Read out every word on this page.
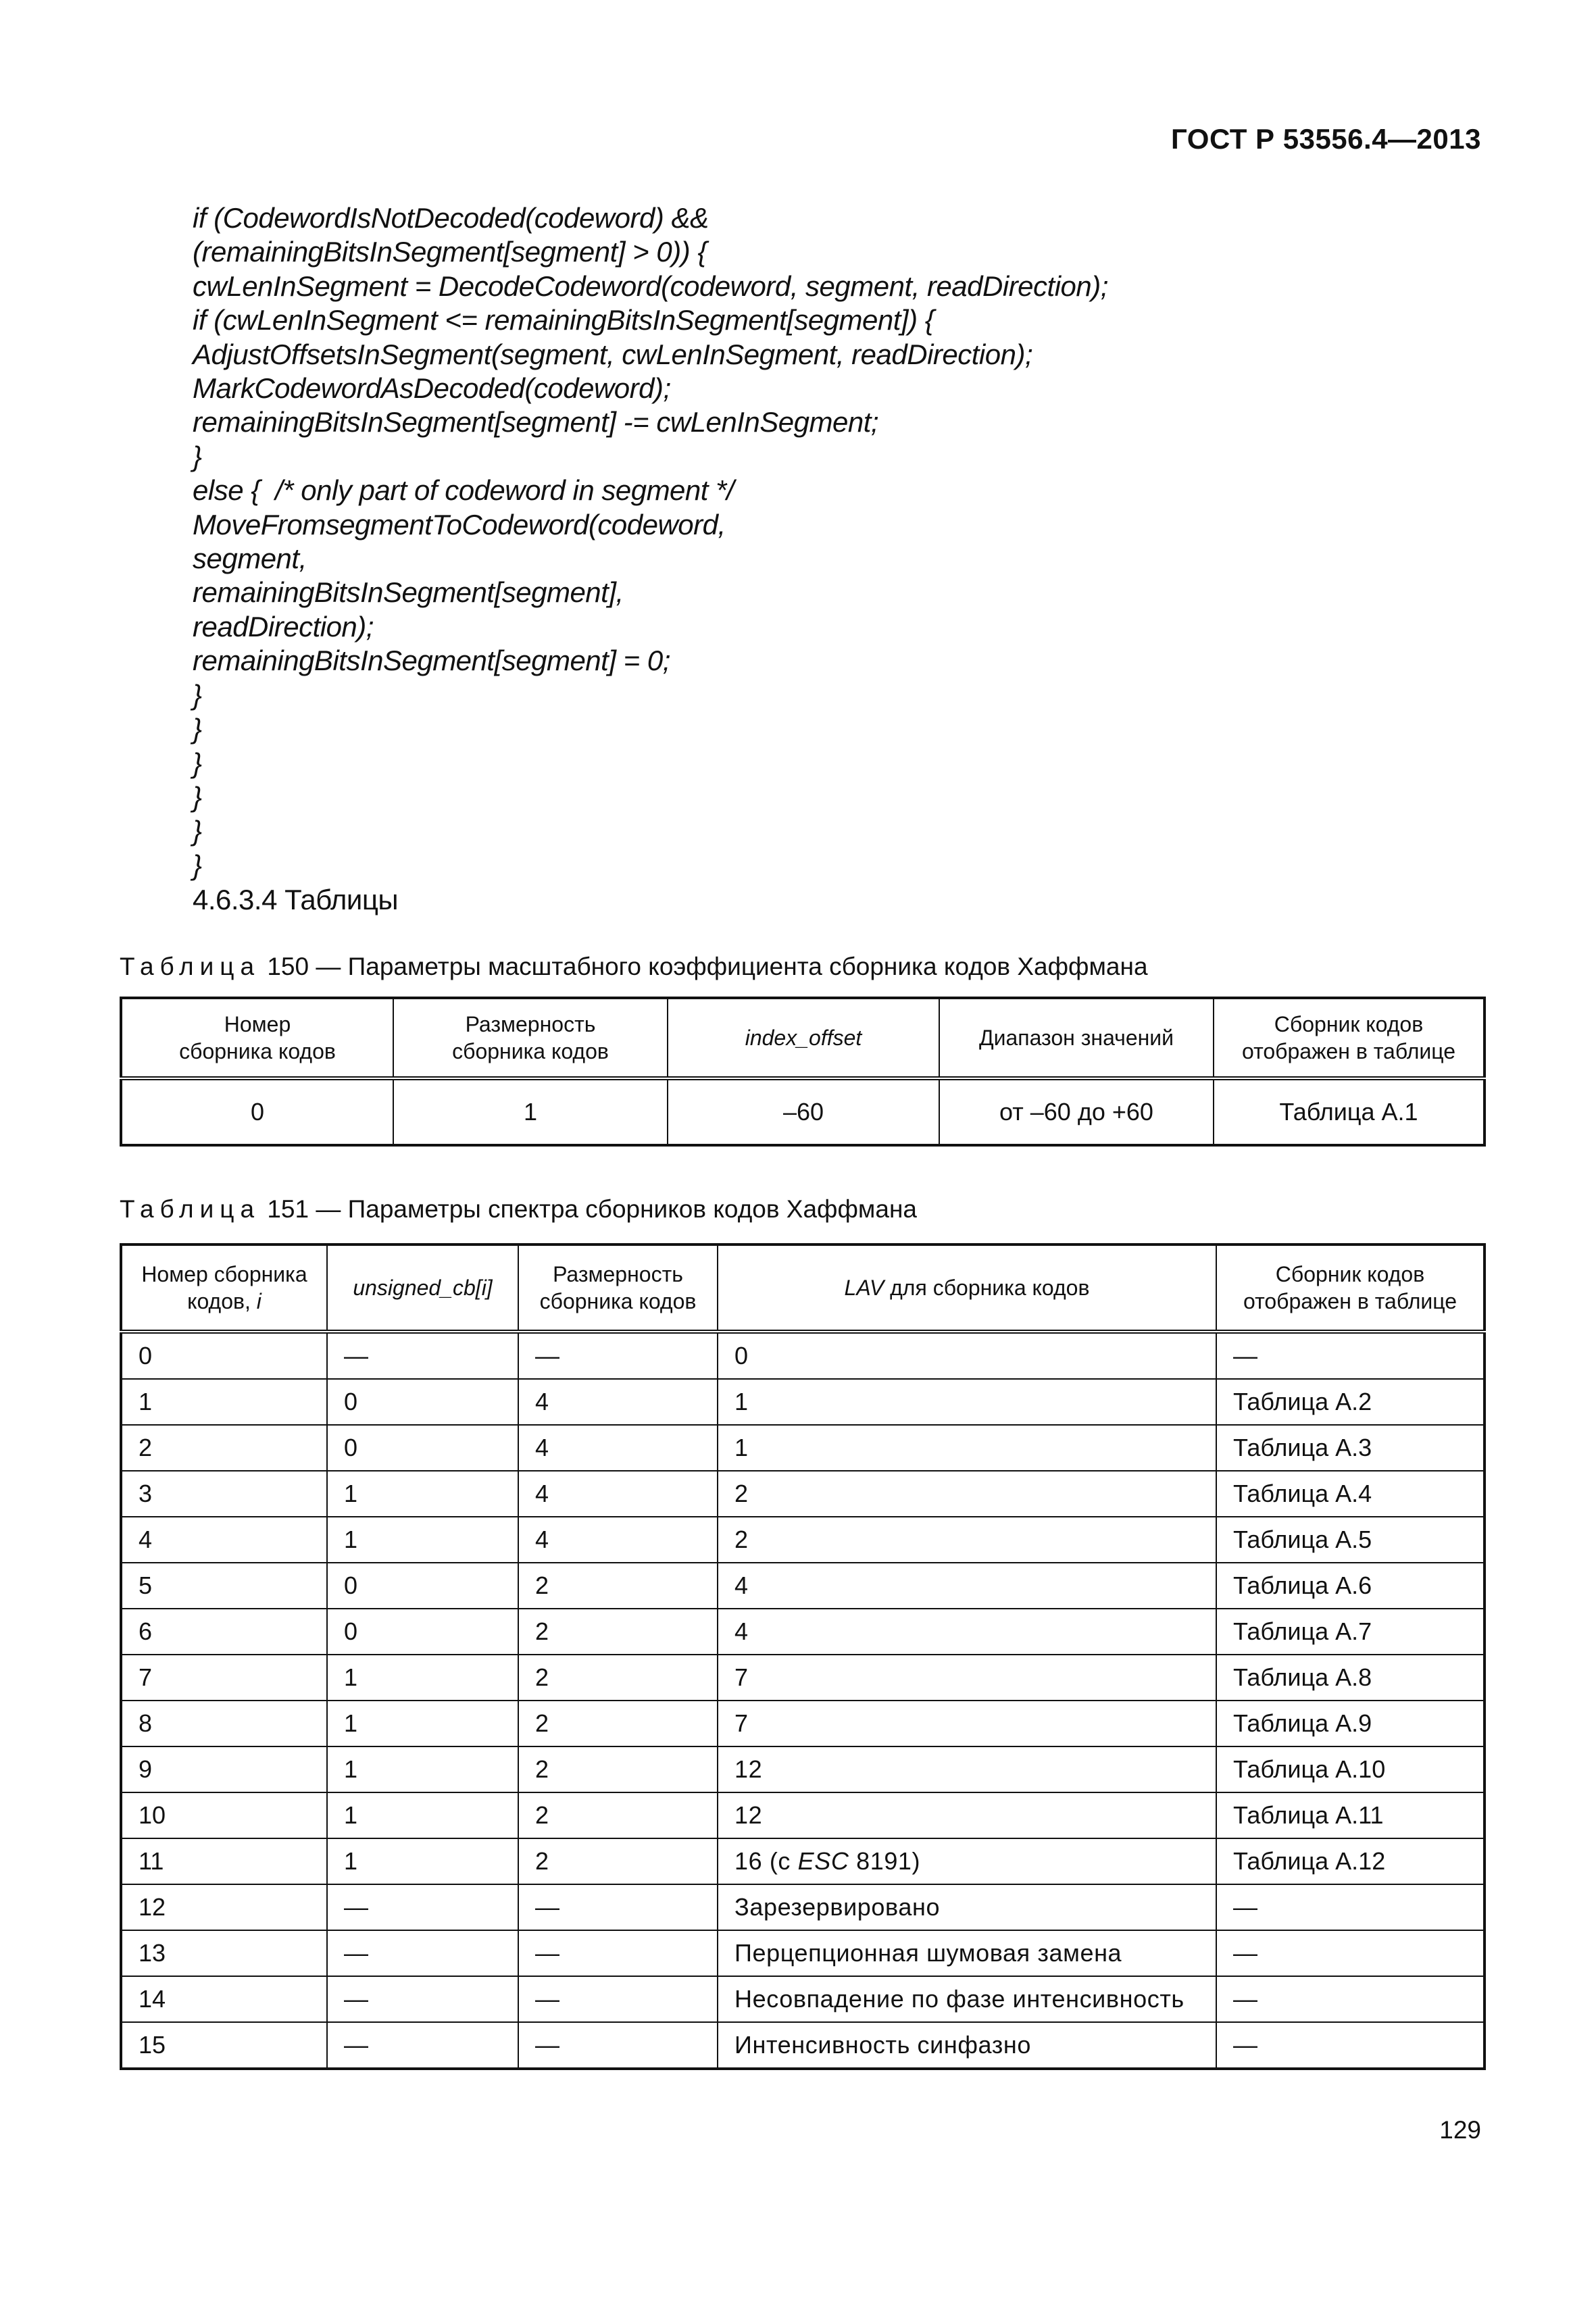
ГОСТ Р 53556.4—2013
if (CodewordIsNotDecoded(codeword) &&
(remainingBitsInSegment[segment] > 0)) {
cwLenInSegment = DecodeCodeword(codeword, segment, readDirection);
if (cwLenInSegment <= remainingBitsInSegment[segment]) {
AdjustOffsetsInSegment(segment, cwLenInSegment, readDirection);
MarkCodewordAsDecoded(codeword);
remainingBitsInSegment[segment] -= cwLenInSegment;
}
else {  /* only part of codeword in segment */
MoveFromsegmentToCodeword(codeword,
segment,
remainingBitsInSegment[segment],
readDirection);
remainingBitsInSegment[segment] = 0;
}
}
}
}
}
}
4.6.3.4 Таблицы
Таблица 150 — Параметры масштабного коэффициента сборника кодов Хаффмана
Номер
сборника кодов	Размерность
сборника кодов	index_offset	Диапазон значений	Сборник кодов
отображен в таблице
0	1	–60	от –60 до +60	Таблица А.1
Таблица 151 — Параметры спектра сборников кодов Хаффмана
Номер сборника
кодов, i	unsigned_cb[i]	Размерность
сборника кодов	LAV для сборника кодов	Сборник кодов
отображен в таблице
0	—	—	0	—
1	0	4	1	Таблица А.2
2	0	4	1	Таблица А.3
3	1	4	2	Таблица А.4
4	1	4	2	Таблица А.5
5	0	2	4	Таблица А.6
6	0	2	4	Таблица А.7
7	1	2	7	Таблица А.8
8	1	2	7	Таблица А.9
9	1	2	12	Таблица А.10
10	1	2	12	Таблица А.11
11	1	2	16 (с ESC 8191)	Таблица А.12
12	—	—	Зарезервировано	—
13	—	—	Перцепционная шумовая замена	—
14	—	—	Несовпадение по фазе интенсивность	—
15	—	—	Интенсивность синфазно	—
129
